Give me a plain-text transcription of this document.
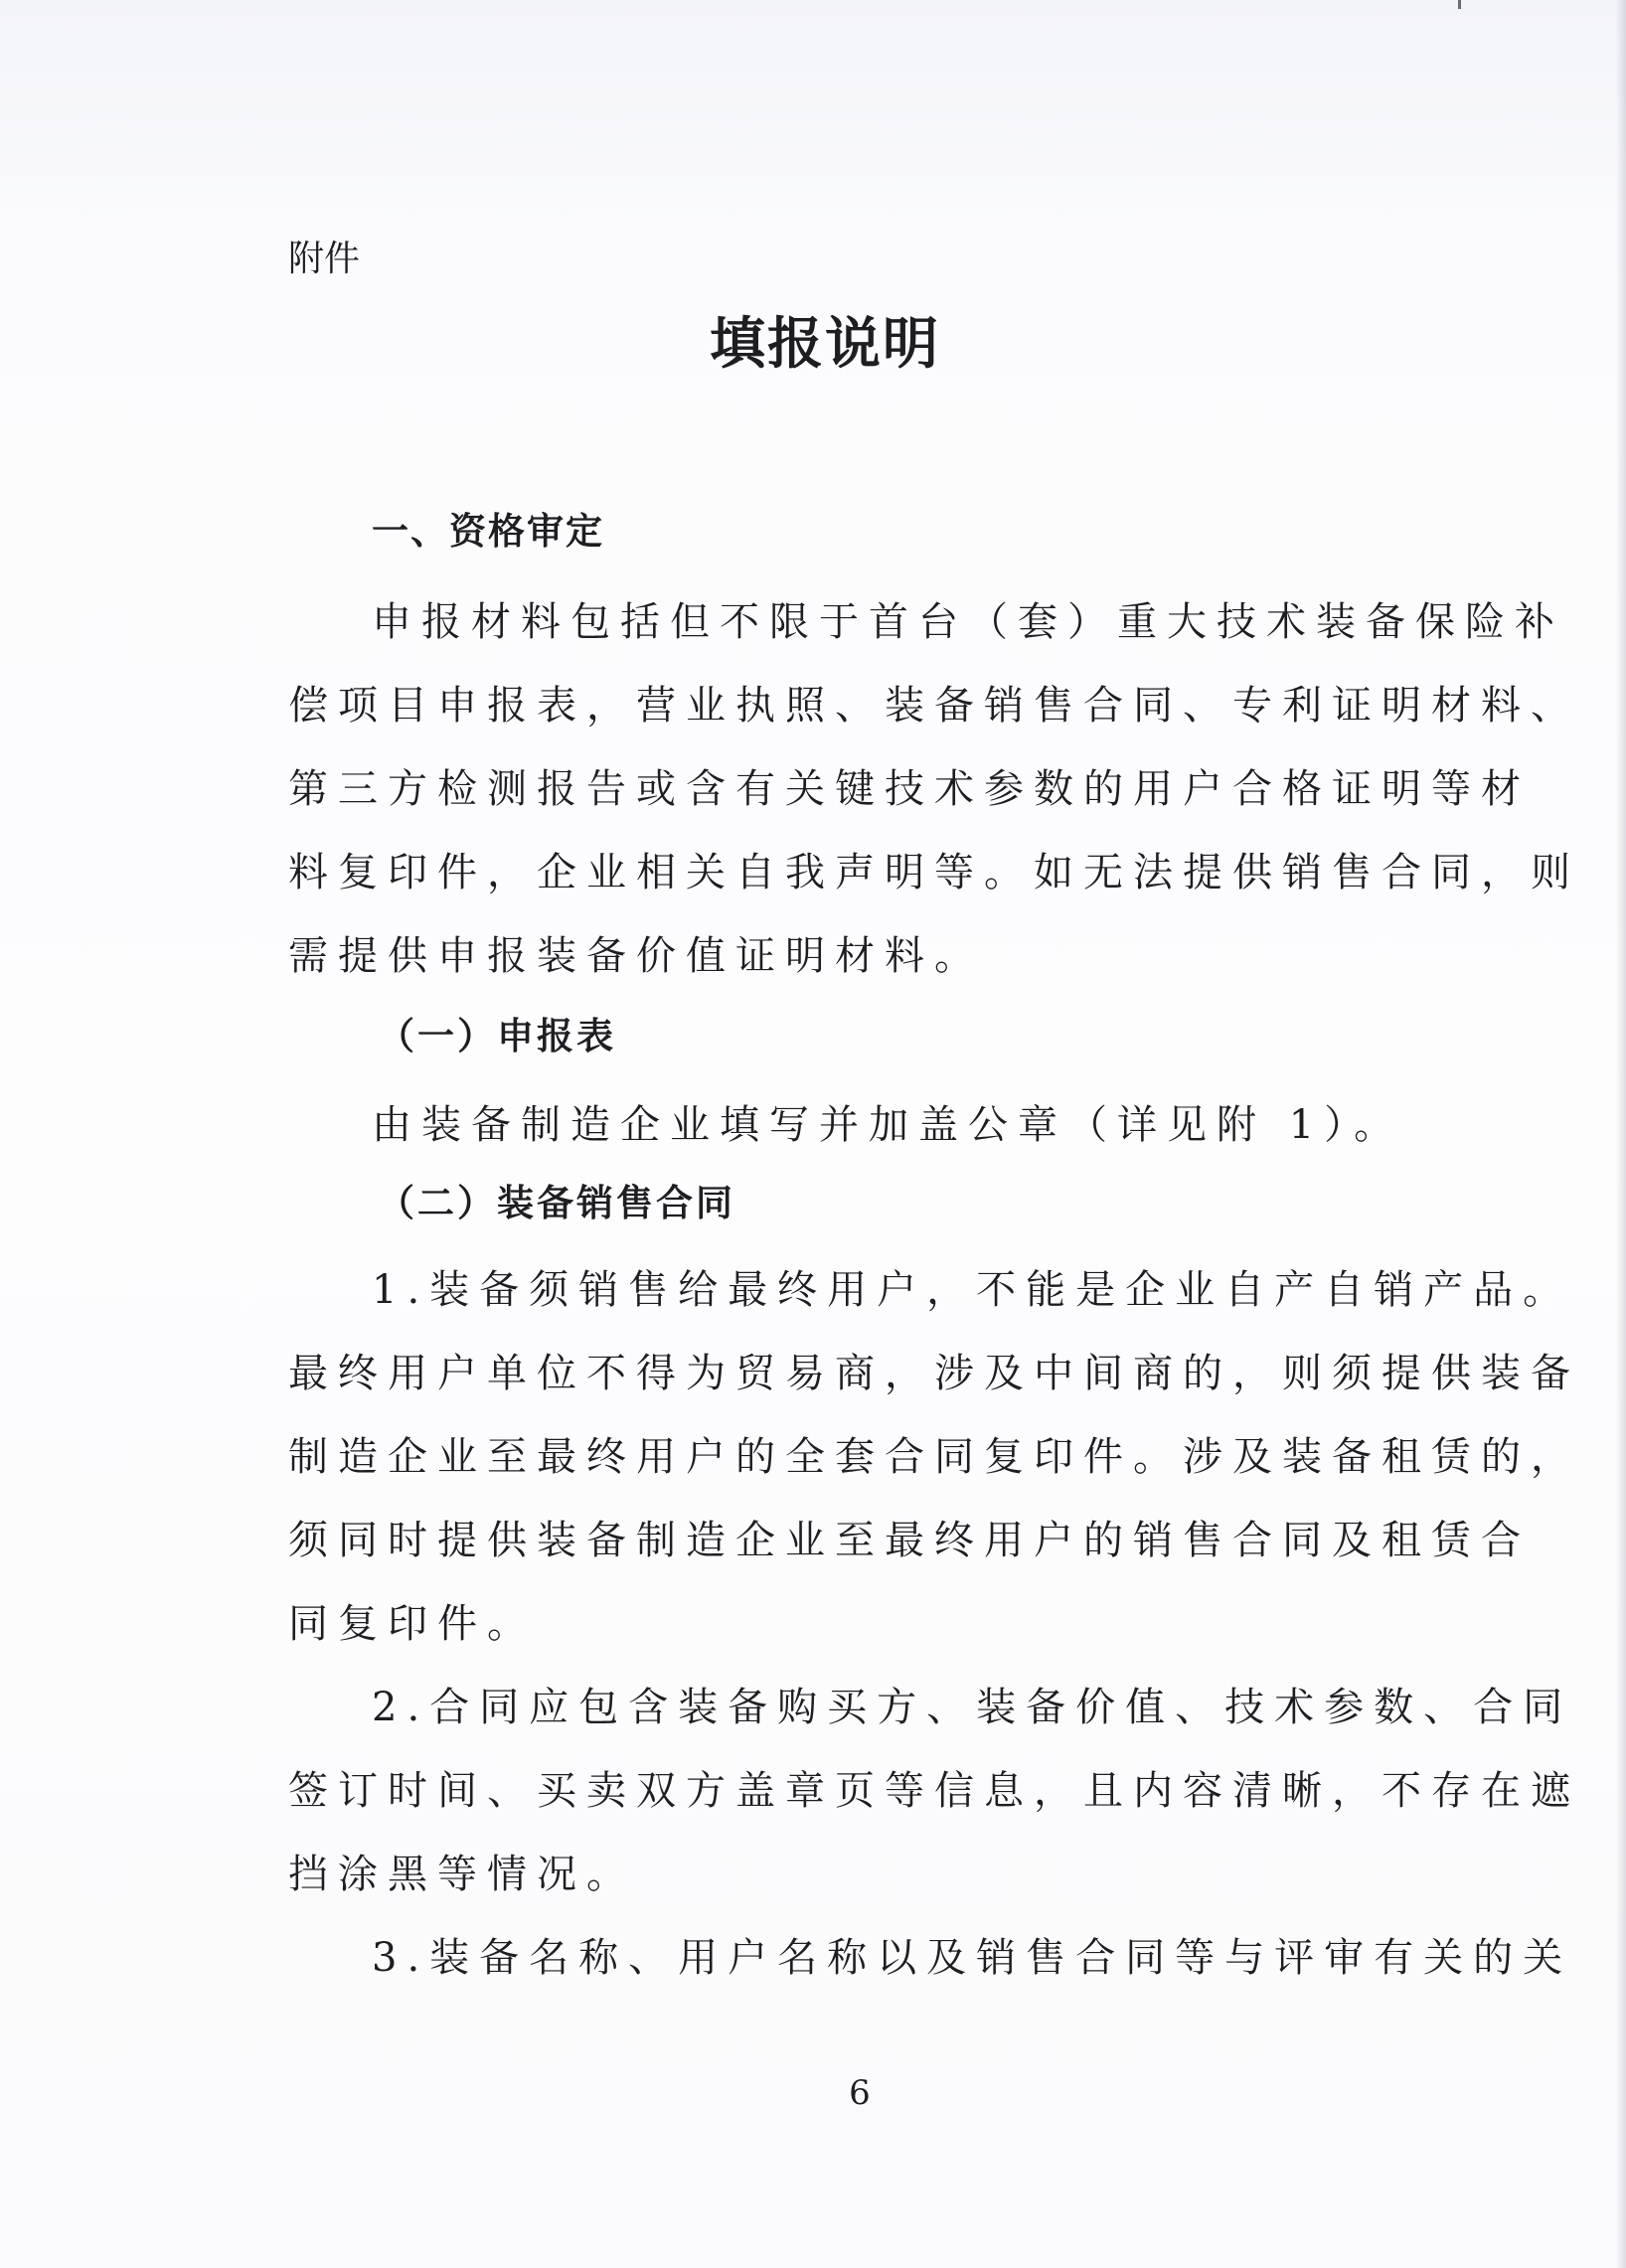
附件
填报说明
一、资格审定
申报材料包括但不限于首台（套）重大技术装备保险补
偿项目申报表，营业执照、装备销售合同、专利证明材料、
第三方检测报告或含有关键技术参数的用户合格证明等材
料复印件，企业相关自我声明等。如无法提供销售合同，则
需提供申报装备价值证明材料。
（一）申报表
由装备制造企业填写并加盖公章（详见附 1）。
（二）装备销售合同
1.装备须销售给最终用户，不能是企业自产自销产品。
最终用户单位不得为贸易商，涉及中间商的，则须提供装备
制造企业至最终用户的全套合同复印件。涉及装备租赁的，
须同时提供装备制造企业至最终用户的销售合同及租赁合
同复印件。
2.合同应包含装备购买方、装备价值、技术参数、合同
签订时间、买卖双方盖章页等信息，且内容清晰，不存在遮
挡涂黑等情况。
3.装备名称、用户名称以及销售合同等与评审有关的关
6
